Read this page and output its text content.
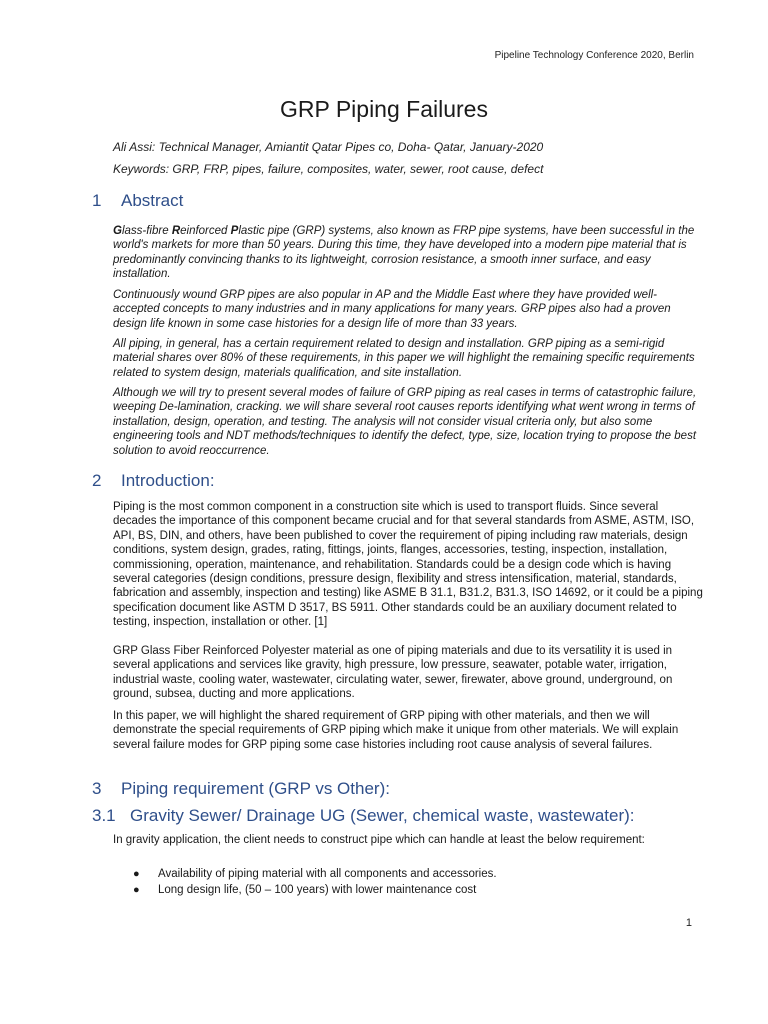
Pipeline Technology Conference 2020, Berlin
GRP Piping Failures
Ali Assi: Technical Manager, Amiantit Qatar Pipes co, Doha- Qatar, January-2020
Keywords: GRP, FRP, pipes, failure, composites, water, sewer, root cause, defect
1 Abstract

Glass-fibre Reinforced Plastic pipe (GRP) systems, also known as FRP pipe systems, have been successful in the world's markets for more than 50 years. During this time, they have developed into a modern pipe material that is predominantly convincing thanks to its lightweight, corrosion resistance, a smooth inner surface, and easy installation.

Continuously wound GRP pipes are also popular in AP and the Middle East where they have provided well-accepted concepts to many industries and in many applications for many years. GRP pipes also had a proven design life known in some case histories for a design life of more than 33 years.

All piping, in general, has a certain requirement related to design and installation. GRP piping as a semi-rigid material shares over 80% of these requirements, in this paper we will highlight the remaining specific requirements related to system design, materials qualification, and site installation.

Although we will try to present several modes of failure of GRP piping as real cases in terms of catastrophic failure, weeping De-lamination, cracking. we will share several root causes reports identifying what went wrong in terms of installation, design, operation, and testing. The analysis will not consider visual criteria only, but also some engineering tools and NDT methods/techniques to identify the defect, type, size, location trying to propose the best solution to avoid reoccurrence.

2 Introduction:

Piping is the most common component in a construction site which is used to transport fluids. Since several decades the importance of this component became crucial and for that several standards from ASME, ASTM, ISO, API, BS, DIN, and others, have been published to cover the requirement of piping including raw materials, design conditions, system design, grades, rating, fittings, joints, flanges, accessories, testing, inspection, installation, commissioning, operation, maintenance, and rehabilitation. Standards could be a design code which is having several categories (design conditions, pressure design, flexibility and stress intensification, material, standards, fabrication and assembly, inspection and testing) like ASME B 31.1, B31.2, B31.3, ISO 14692, or it could be a piping specification document like ASTM D 3517, BS 5911. Other standards could be an auxiliary document related to testing, inspection, installation or other. [1]

GRP Glass Fiber Reinforced Polyester material as one of piping materials and due to its versatility it is used in several applications and services like gravity, high pressure, low pressure, seawater, potable water, irrigation, industrial waste, cooling water, wastewater, circulating water, sewer, firewater, above ground, underground, on ground, subsea, ducting and more applications.

In this paper, we will highlight the shared requirement of GRP piping with other materials, and then we will demonstrate the special requirements of GRP piping which make it unique from other materials. We will explain several failure modes for GRP piping some case histories including root cause analysis of several failures.

3 Piping requirement (GRP vs Other):
3.1 Gravity Sewer/ Drainage UG (Sewer, chemical waste, wastewater):

In gravity application, the client needs to construct pipe which can handle at least the below requirement:

● Availability of piping material with all components and accessories.
● Long design life, (50 – 100 years) with lower maintenance cost
1
